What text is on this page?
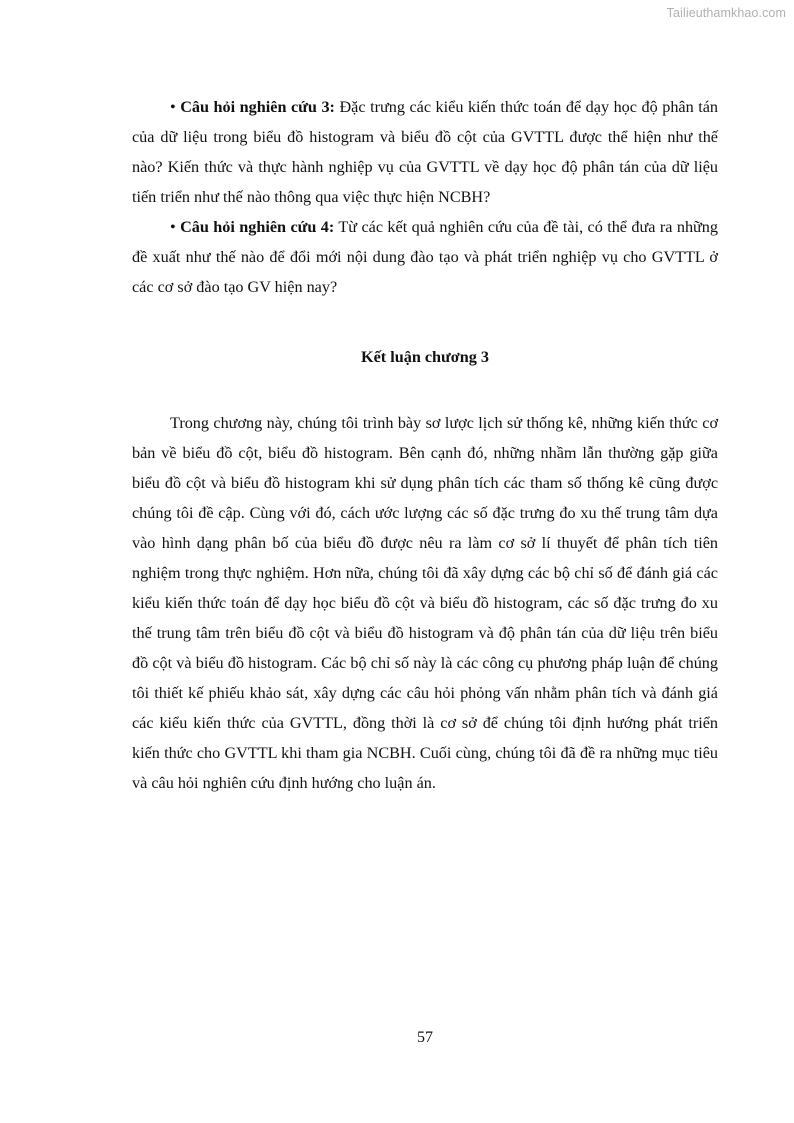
Tailieuthamkhao.com

• Câu hỏi nghiên cứu 3: Đặc trưng các kiểu kiến thức toán để dạy học độ phân tán của dữ liệu trong biểu đồ histogram và biểu đồ cột của GVTTL được thể hiện như thế nào? Kiến thức và thực hành nghiệp vụ của GVTTL về dạy học độ phân tán của dữ liệu tiến triển như thế nào thông qua việc thực hiện NCBH?

• Câu hỏi nghiên cứu 4: Từ các kết quả nghiên cứu của đề tài, có thể đưa ra những đề xuất như thế nào để đổi mới nội dung đào tạo và phát triển nghiệp vụ cho GVTTL ở các cơ sở đào tạo GV hiện nay?

Kết luận chương 3

Trong chương này, chúng tôi trình bày sơ lược lịch sử thống kê, những kiến thức cơ bản về biểu đồ cột, biểu đồ histogram. Bên cạnh đó, những nhầm lẫn thường gặp giữa biểu đồ cột và biểu đồ histogram khi sử dụng phân tích các tham số thống kê cũng được chúng tôi đề cập. Cùng với đó, cách ước lượng các số đặc trưng đo xu thế trung tâm dựa vào hình dạng phân bố của biểu đồ được nêu ra làm cơ sở lí thuyết để phân tích tiên nghiệm trong thực nghiệm. Hơn nữa, chúng tôi đã xây dựng các bộ chỉ số để đánh giá các kiểu kiến thức toán để dạy học biểu đồ cột và biểu đồ histogram, các số đặc trưng đo xu thế trung tâm trên biểu đồ cột và biểu đồ histogram và độ phân tán của dữ liệu trên biểu đồ cột và biểu đồ histogram. Các bộ chỉ số này là các công cụ phương pháp luận để chúng tôi thiết kế phiếu khảo sát, xây dựng các câu hỏi phỏng vấn nhằm phân tích và đánh giá các kiểu kiến thức của GVTTL, đồng thời là cơ sở để chúng tôi định hướng phát triển kiến thức cho GVTTL khi tham gia NCBH. Cuối cùng, chúng tôi đã đề ra những mục tiêu và câu hỏi nghiên cứu định hướng cho luận án.

57
